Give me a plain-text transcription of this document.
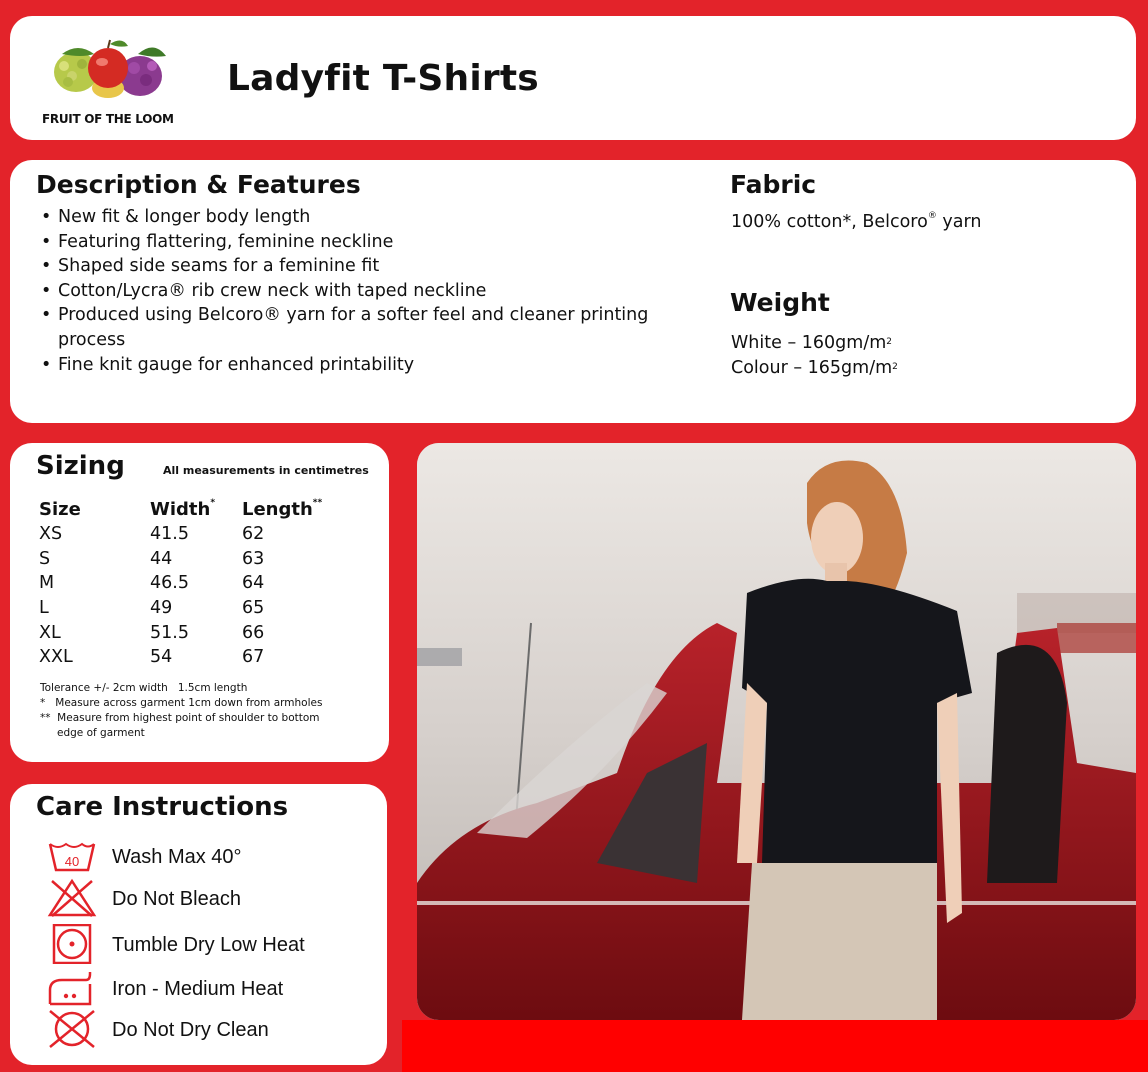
FRUIT OF THE LOOM
Ladyfit T-Shirts
Description & Features
• New fit & longer body length
• Featuring flattering, feminine neckline
• Shaped side seams for a feminine fit
• Cotton/Lycra® rib crew neck with taped neckline
• Produced using Belcoro® yarn for a softer feel and cleaner printing process
• Fine knit gauge for enhanced printability
Fabric
100% cotton*, Belcoro® yarn
Weight
White – $160gm/m^2$
Colour – $165gm/m^2$
Sizing	All measurements in centimetres
Size	Width*	Length**
XS	41.5	62
S	44	63
M	46.5	64
L	49	65
XL	51.5	66
XXL	54	67
Tolerance +/- 2cm width   1.5cm length
*   Measure across garment 1cm down from armholes
**  Measure from highest point of shoulder to bottom
edge of garment
Care Instructions
40 Wash Max 40°
Do Not Bleach
Tumble Dry Low Heat
Iron - Medium Heat
Do Not Dry Clean
